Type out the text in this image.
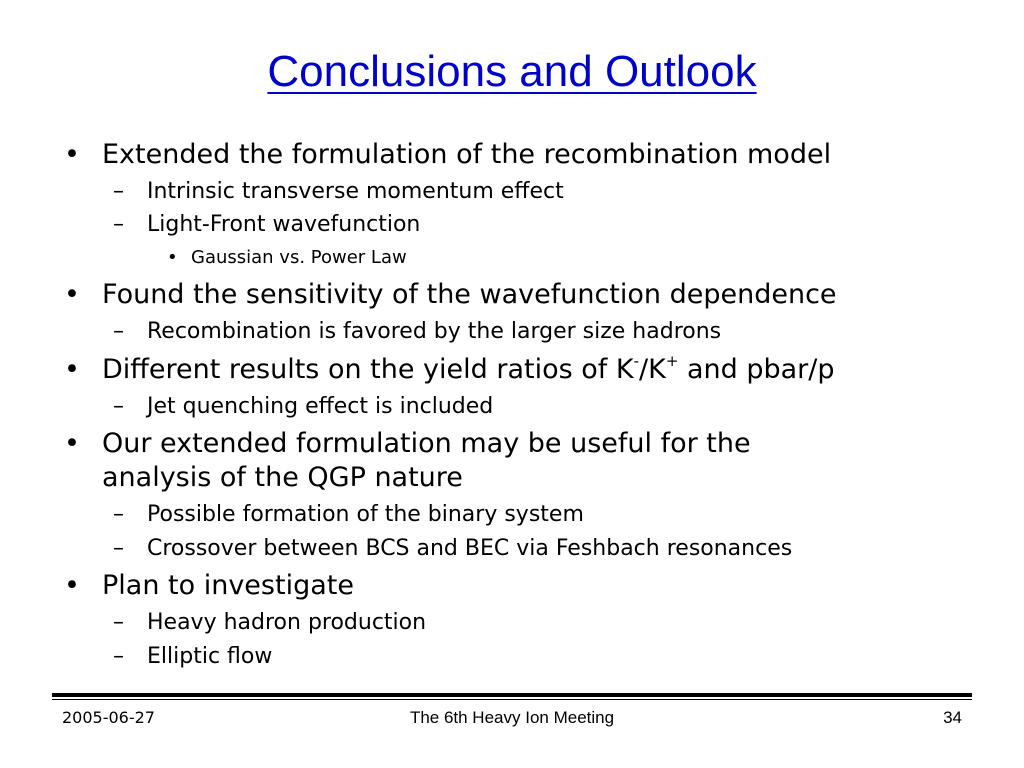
Conclusions and Outlook
• Extended the formulation of the recombination model
– Intrinsic transverse momentum effect
– Light-Front wavefunction
• Gaussian vs. Power Law
• Found the sensitivity of the wavefunction dependence
– Recombination is favored by the larger size hadrons
• Different results on the yield ratios of K-/K+ and pbar/p
– Jet quenching effect is included
• Our extended formulation may be useful for the
analysis of the QGP nature
– Possible formation of the binary system
– Crossover between BCS and BEC via Feshbach resonances
• Plan to investigate
– Heavy hadron production
– Elliptic flow
2005-06-27	The 6th Heavy Ion Meeting	34
